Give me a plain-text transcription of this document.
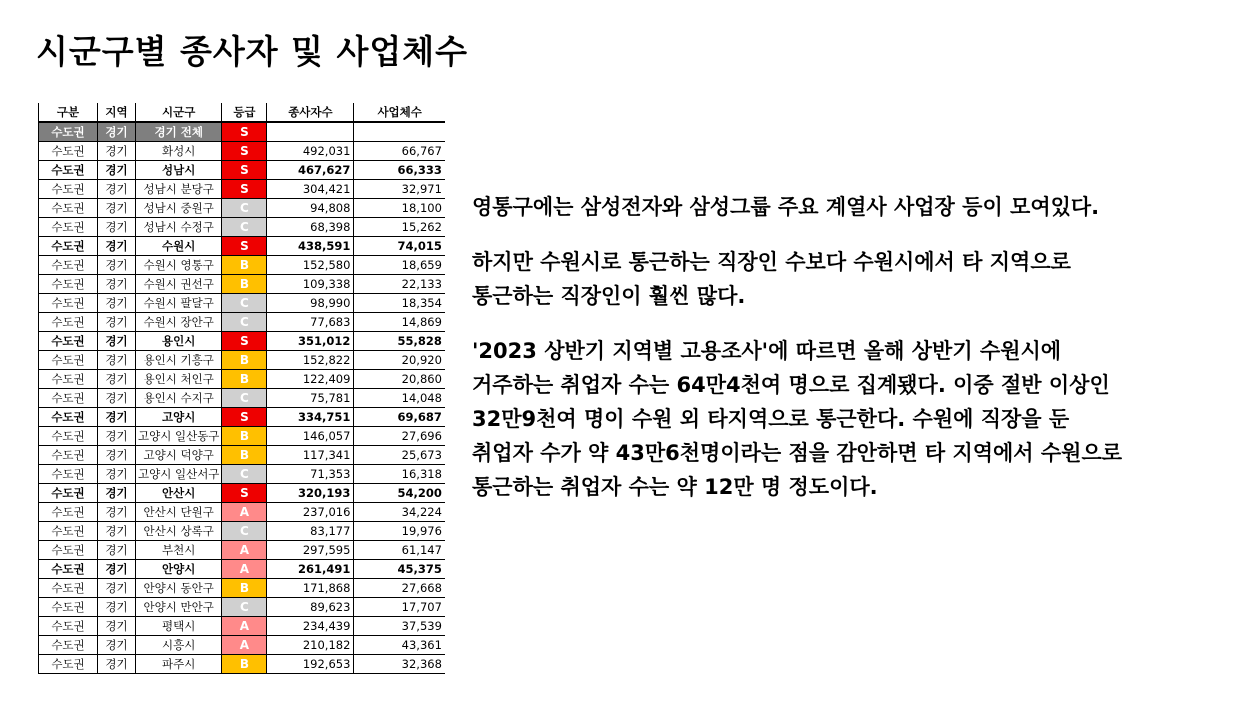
시군구별 종사자 및 사업체수
구분	지역	시군구	등급	종사자수	사업체수
수도권	경기	경기 전체	S		
수도권	경기	화성시	S	492,031	66,767
수도권	경기	성남시	S	467,627	66,333
수도권	경기	성남시 분당구	S	304,421	32,971
수도권	경기	성남시 중원구	C	94,808	18,100
수도권	경기	성남시 수정구	C	68,398	15,262
수도권	경기	수원시	S	438,591	74,015
수도권	경기	수원시 영통구	B	152,580	18,659
수도권	경기	수원시 권선구	B	109,338	22,133
수도권	경기	수원시 팔달구	C	98,990	18,354
수도권	경기	수원시 장안구	C	77,683	14,869
수도권	경기	용인시	S	351,012	55,828
수도권	경기	용인시 기흥구	B	152,822	20,920
수도권	경기	용인시 처인구	B	122,409	20,860
수도권	경기	용인시 수지구	C	75,781	14,048
수도권	경기	고양시	S	334,751	69,687
수도권	경기	고양시 일산동구	B	146,057	27,696
수도권	경기	고양시 덕양구	B	117,341	25,673
수도권	경기	고양시 일산서구	C	71,353	16,318
수도권	경기	안산시	S	320,193	54,200
수도권	경기	안산시 단원구	A	237,016	34,224
수도권	경기	안산시 상록구	C	83,177	19,976
수도권	경기	부천시	A	297,595	61,147
수도권	경기	안양시	A	261,491	45,375
수도권	경기	안양시 동안구	B	171,868	27,668
수도권	경기	안양시 만안구	C	89,623	17,707
수도권	경기	평택시	A	234,439	37,539
수도권	경기	시흥시	A	210,182	43,361
수도권	경기	파주시	B	192,653	32,368

영통구에는 삼성전자와 삼성그룹 주요 계열사 사업장 등이 모여있다.

하지만 수원시로 통근하는 직장인 수보다 수원시에서 타 지역으로
통근하는 직장인이 훨씬 많다.

'2023 상반기 지역별 고용조사'에 따르면 올해 상반기 수원시에
거주하는 취업자 수는 64만4천여 명으로 집계됐다. 이중 절반 이상인
32만9천여 명이 수원 외 타지역으로 통근한다. 수원에 직장을 둔
취업자 수가 약 43만6천명이라는 점을 감안하면 타 지역에서 수원으로
통근하는 취업자 수는 약 12만 명 정도이다.
